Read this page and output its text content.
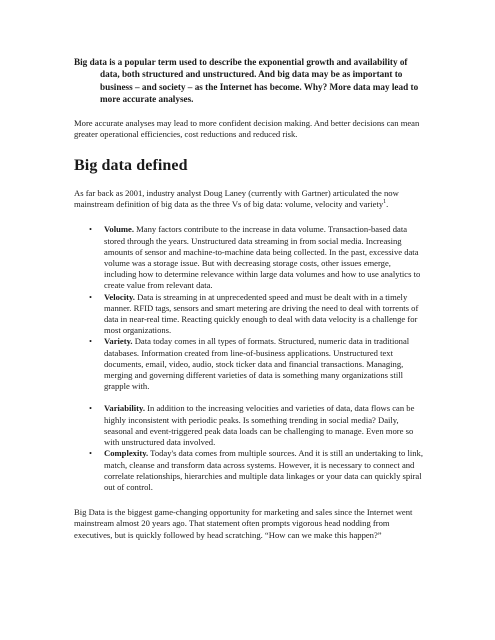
Big data is a popular term used to describe the exponential growth and availability of data, both structured and unstructured. And big data may be as important to business – and society – as the Internet has become. Why? More data may lead to more accurate analyses.

More accurate analyses may lead to more confident decision making. And better decisions can mean greater operational efficiencies, cost reductions and reduced risk.

Big data defined

As far back as 2001, industry analyst Doug Laney (currently with Gartner) articulated the now mainstream definition of big data as the three Vs of big data: volume, velocity and variety$^1$.

• Volume. Many factors contribute to the increase in data volume. Transaction-based data stored through the years. Unstructured data streaming in from social media. Increasing amounts of sensor and machine-to-machine data being collected. In the past, excessive data volume was a storage issue. But with decreasing storage costs, other issues emerge, including how to determine relevance within large data volumes and how to use analytics to create value from relevant data.
• Velocity. Data is streaming in at unprecedented speed and must be dealt with in a timely manner. RFID tags, sensors and smart metering are driving the need to deal with torrents of data in near-real time. Reacting quickly enough to deal with data velocity is a challenge for most organizations.
• Variety. Data today comes in all types of formats. Structured, numeric data in traditional databases. Information created from line-of-business applications. Unstructured text documents, email, video, audio, stock ticker data and financial transactions. Managing, merging and governing different varieties of data is something many organizations still grapple with.
• Variability. In addition to the increasing velocities and varieties of data, data flows can be highly inconsistent with periodic peaks. Is something trending in social media? Daily, seasonal and event-triggered peak data loads can be challenging to manage. Even more so with unstructured data involved.
• Complexity. Today's data comes from multiple sources. And it is still an undertaking to link, match, cleanse and transform data across systems. However, it is necessary to connect and correlate relationships, hierarchies and multiple data linkages or your data can quickly spiral out of control.

Big Data is the biggest game-changing opportunity for marketing and sales since the Internet went mainstream almost 20 years ago. That statement often prompts vigorous head nodding from executives, but is quickly followed by head scratching. “How can we make this happen?”
